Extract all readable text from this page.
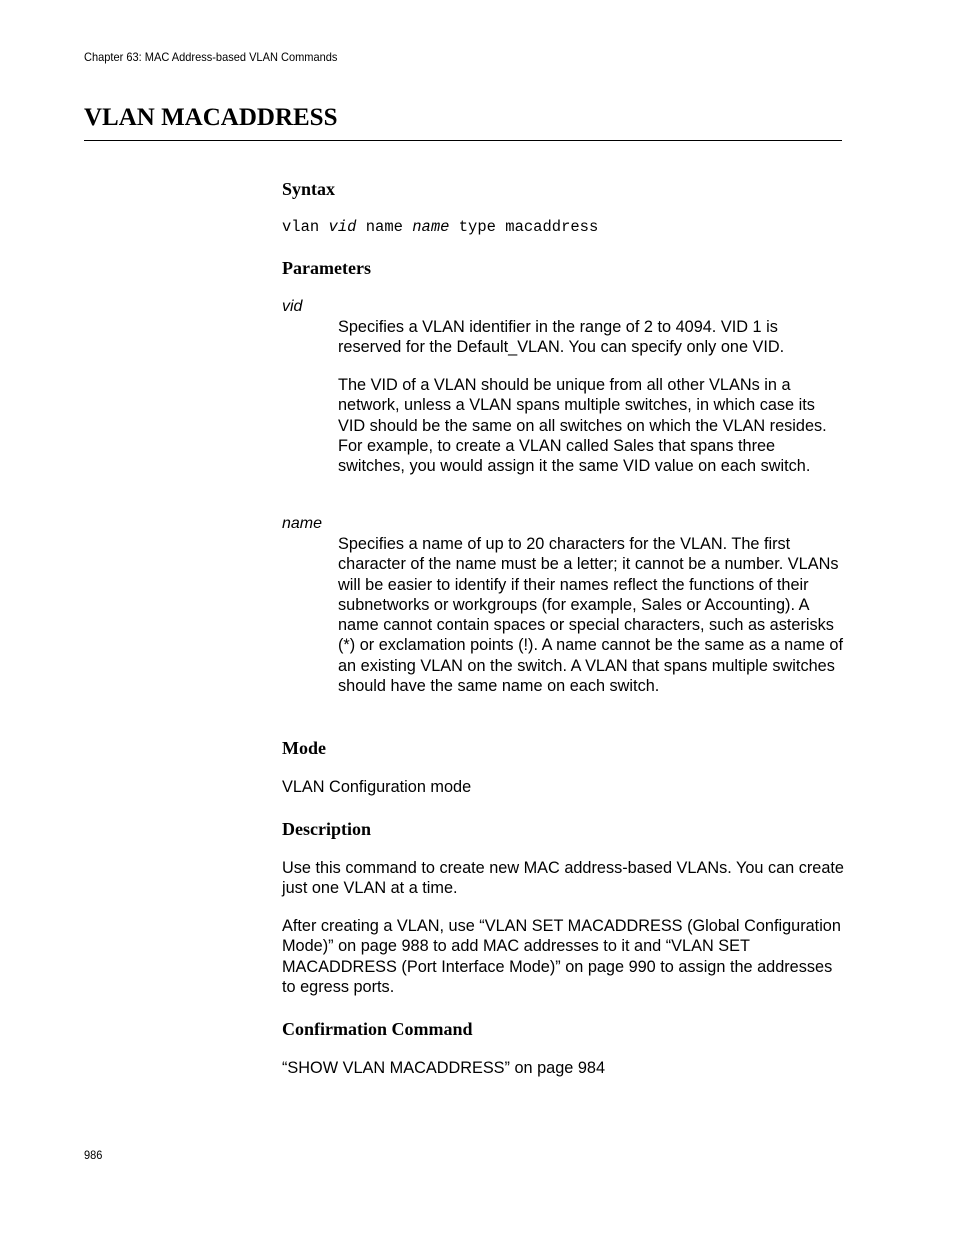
Chapter 63: MAC Address-based VLAN Commands
VLAN MACADDRESS
Syntax
vlan vid name name type macaddress
Parameters
vid

Specifies a VLAN identifier in the range of 2 to 4094. VID 1 is reserved for the Default_VLAN. You can specify only one VID.

The VID of a VLAN should be unique from all other VLANs in a network, unless a VLAN spans multiple switches, in which case its VID should be the same on all switches on which the VLAN resides. For example, to create a VLAN called Sales that spans three switches, you would assign it the same VID value on each switch.

name

Specifies a name of up to 20 characters for the VLAN. The first character of the name must be a letter; it cannot be a number. VLANs will be easier to identify if their names reflect the functions of their subnetworks or workgroups (for example, Sales or Accounting). A name cannot contain spaces or special characters, such as asterisks (*) or exclamation points (!). A name cannot be the same as a name of an existing VLAN on the switch. A VLAN that spans multiple switches should have the same name on each switch.

Mode

VLAN Configuration mode

Description

Use this command to create new MAC address-based VLANs. You can create just one VLAN at a time.

After creating a VLAN, use “VLAN SET MACADDRESS (Global Configuration Mode)” on page 988 to add MAC addresses to it and “VLAN SET MACADDRESS (Port Interface Mode)” on page 990 to assign the addresses to egress ports.

Confirmation Command

“SHOW VLAN MACADDRESS” on page 984

986
